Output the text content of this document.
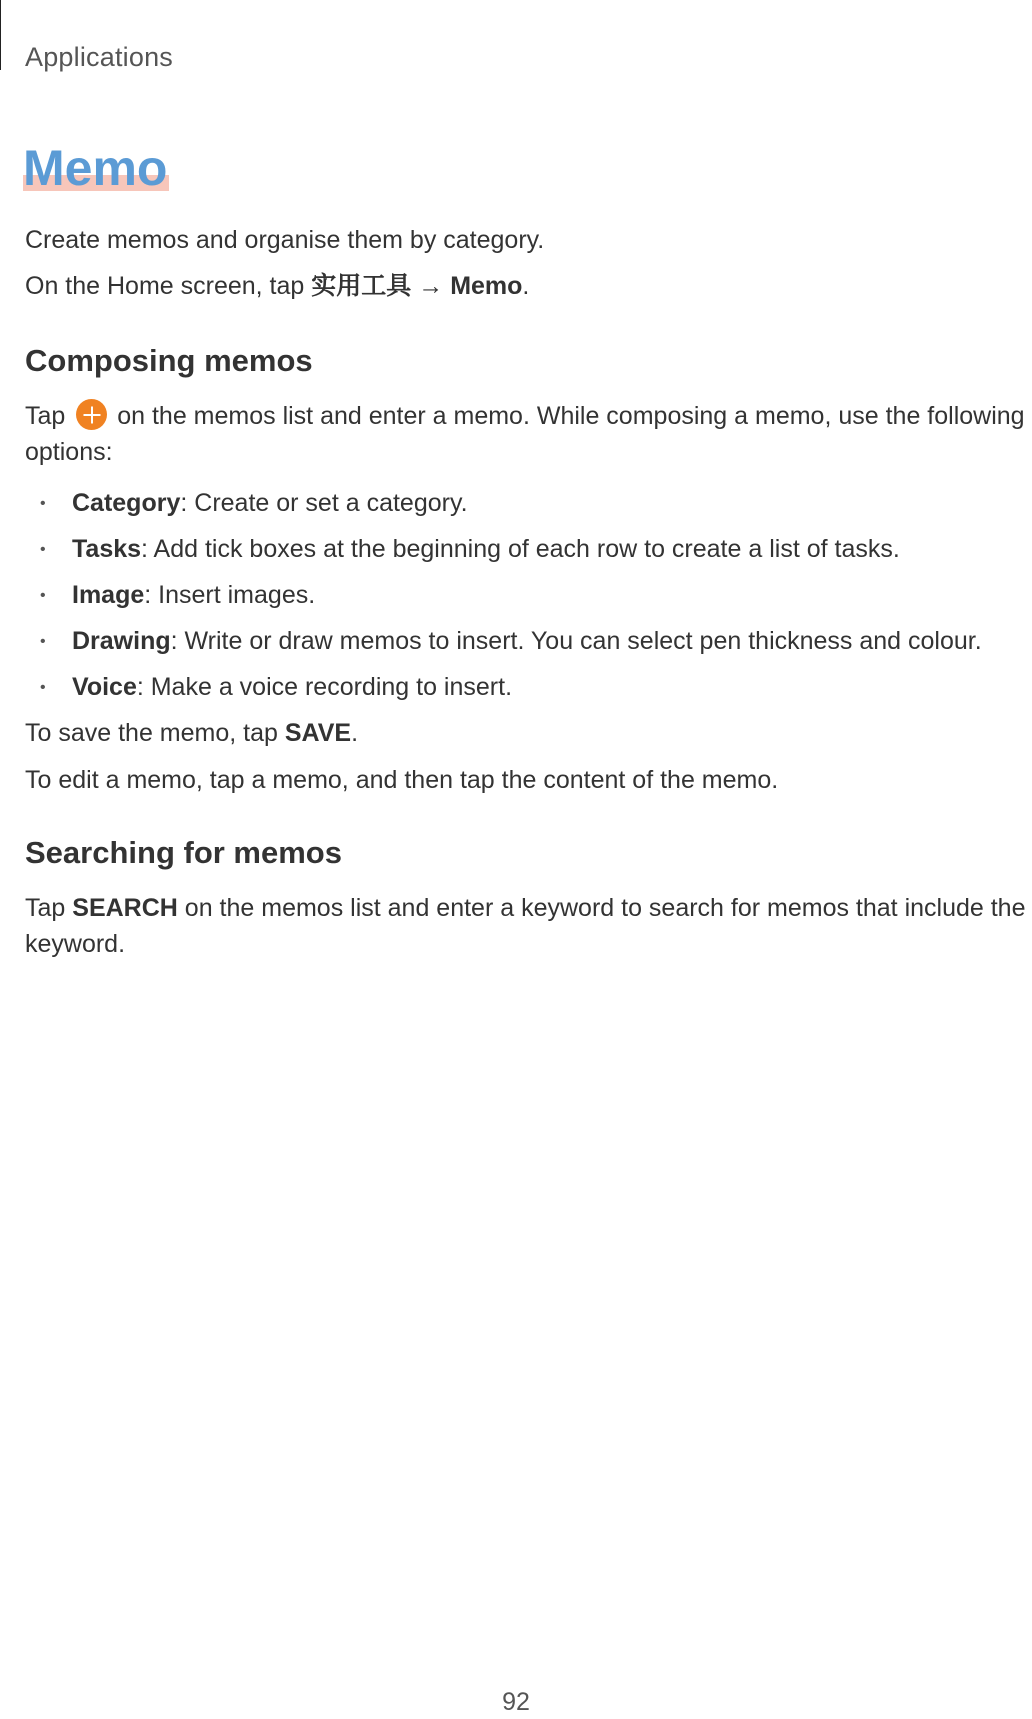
Applications
Memo

Create memos and organise them by category.

On the Home screen, tap 实用工具 → Memo.

Composing memos

Tap  on the memos list and enter a memo. While composing a memo, use the following options:

• Category: Create or set a category.
• Tasks: Add tick boxes at the beginning of each row to create a list of tasks.
• Image: Insert images.
• Drawing: Write or draw memos to insert. You can select pen thickness and colour.
• Voice: Make a voice recording to insert.

To save the memo, tap SAVE.

To edit a memo, tap a memo, and then tap the content of the memo.

Searching for memos

Tap SEARCH on the memos list and enter a keyword to search for memos that include the keyword.

92
